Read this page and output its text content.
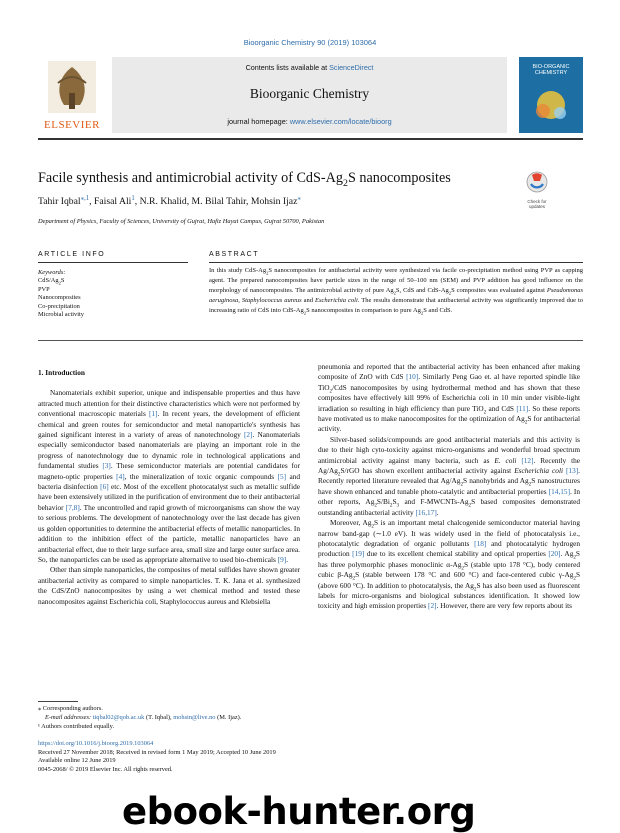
Bioorganic Chemistry 90 (2019) 103064
ELSEVIER
Contents lists available at ScienceDirect
Bioorganic Chemistry
journal homepage: www.elsevier.com/locate/bioorg
BIO-ORGANIC CHEMISTRY
Facile synthesis and antimicrobial activity of CdS-$Ag_2S$ nanocomposites
Check for updates
Tahir Iqbal$^{⁎,1}$, Faisal Ali$^1$, N.R. Khalid, M. Bilal Tahir, Mohsin Ijaz⁎
Department of Physics, Faculty of Sciences, University of Gujrat, Hafiz Hayat Campus, Gujrat 50700, Pakistan
ARTICLE INFO	ABSTRACT
Keywords:
CdS/$Ag_2S$
PVP
Nanocomposites
Co-precipitation
Microbial activity
In this study CdS-$Ag_2S$ nanocomposites for antibacterial activity were synthesized via facile co-precipitation method using PVP as capping agent. The prepared nanocomposites have particle sizes in the range of 50–100 nm (SEM) and PVP addition has good influence on the morphology of nanocomposites. The antimicrobial activity of pure $Ag_2S$, CdS and CdS-$Ag_2S$ composites was evaluated against Pseudomonas aeruginosa, Staphylococcus aureus and Escherichia coli. The results demonstrate that antibacterial activity was significantly improved due to increasing ratio of CdS into CdS-$Ag_2S$ nanocomposites in comparison to pure $Ag_2S$ and CdS.
1. Introduction

Nanomaterials exhibit superior, unique and indispensable properties and thus have attracted much attention for their distinctive characteristics which were not performed by conventional macroscopic materials [1]. In recent years, the development of efficient chemical and green routes for semiconductor and metal nanoparticle's synthesis has gained significant interest in a variety of areas of nanotechnology [2]. Nanomaterials especially semiconductor based nanomaterials are playing an important role in the progress of nanotechnology due to dynamic role in technological applications and fundamental studies [3]. These semiconductor materials are potential candidates for magneto-optic properties [4], the mineralization of toxic organic compounds [5] and bacteria disinfection [6] etc. Most of the excellent photocatalyst such as metallic sulfide have been extensively utilized in the purification of environment due to their antibacterial behavior [7,8]. The uncontrolled and rapid growth of microorganisms can show the way to serious problems. The development of nanotechnology over the last decade has given us golden opportunities to determine the antibacterial effects of metallic nanoparticles. In addition to the inhibition effect of the particle, metallic nanoparticles have an antibacterial effect, due to their large surface area, small size and large outer surface area. So, the nanoparticles can be used as appropriate alternative to used bio-chemicals [9].

Other than simple nanoparticles, the composites of metal sulfides have shown greater antibacterial activity as compared to simple nanoparticles. T. K. Jana et al. synthesized the CdS/ZnO nanocomposites by using a wet chemical method and tested these nanocomposites against Escherichia coli, Staphylococcus aureus and Klebsiella

pneumonia and reported that the antibacterial activity has been enhanced after making composite of ZnO with CdS [10]. Similarly Peng Gao et. al have reported spindle like TiO$_2$/CdS nanocomposites by using hydrothermal method and has shown that these composites have effectively kill 99% of Escherichia coli in 10 min under visible-light irradiation so resulting in high efficiency than pure TiO$_2$ and CdS [11]. So these reports have motivated us to make nanocomposites for the optimization of $Ag_2S$ for antibacterial activity.

Silver-based solids/compounds are good antibacterial materials and this activity is due to their high cyto-toxicity against micro-organisms and wonderful broad spectrum antimicrobial activity against many bacteria, such as E. coli [12]. Recently the $Ag/Ag_2S$/rGO has shown excellent antibacterial activity against Escherichia coli [13]. Recently reported literature revealed that $Ag/Ag_2S$ nanohybrids and $Ag_2S$ nanostructures have shown enhanced and tunable photo-catalytic and antibacterial properties [14,15]. In other reports, $Ag_2S/Bi_2S_3$ and $F-MWCNTs-Ag_2S$ based composites demonstrated outstanding antibacterial activity [16,17].

Moreover, $Ag_2S$ is an important metal chalcogenide semiconductor material having narrow band-gap (∼1.0 eV). It was widely used in the field of photocatalysis i.e., photocatalytic degradation of organic pollutants [18] and photocatalytic hydrogen production [19] due to its excellent chemical stability and optical properties [20]. $Ag_2S$ has three polymorphic phases monoclinic $\alpha-Ag_2S$ (stable upto 178 °C), body centered cubic $\beta-Ag_2S$ (stable between 178 °C and 600 °C) and face-centered cubic $\gamma-Ag_2S$ (above 600 °C). In addition to photocatalysis, the $Ag_2S$ has also been used as fluorescent labels for micro-organisms and biological substances identification. It showed low toxicity and high emission properties [2]. However, there are very few reports about its

⁎ Corresponding authors.
E-mail addresses: tiqbal02@qob.ac.uk (T. Iqbal), mohsin@live.no (M. Ijaz).
¹ Authors contributed equally.
https://doi.org/10.1016/j.bioorg.2019.103064
Received 27 November 2018; Received in revised form 1 May 2019; Accepted 10 June 2019
Available online 12 June 2019
0045-2068/ © 2019 Elsevier Inc. All rights reserved.
ebook-hunter.org
